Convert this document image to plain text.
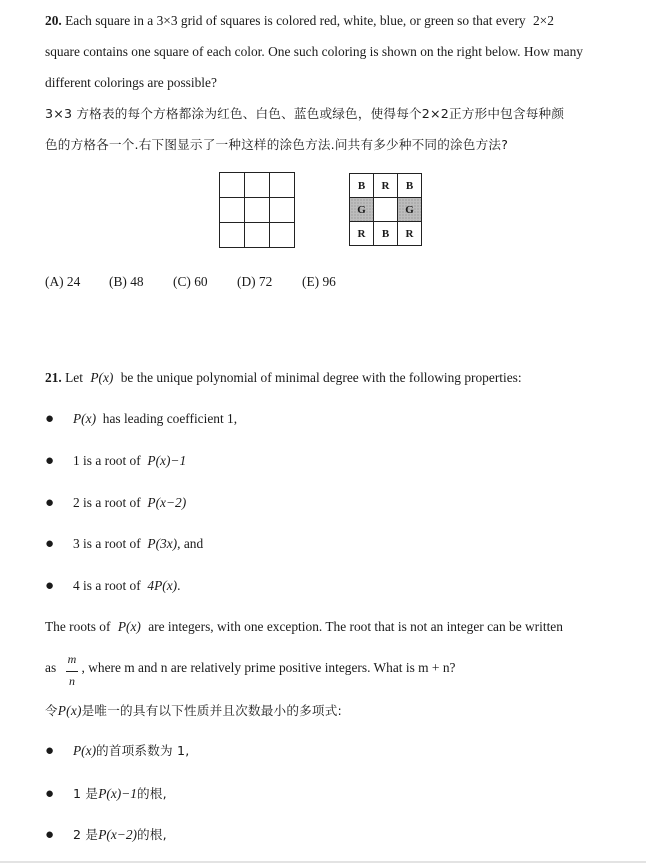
20. Each square in a 3×3 grid of squares is colored red, white, blue, or green so that every 2×2
square contains one square of each color. One such coloring is shown on the right below. How many
different colorings are possible?
3×3 方格表的每个方格都涂为红色、白色、蓝色或绿色，使得每个2×2正方形中包含每种颜
色的方格各一个.右下图显示了一种这样的涂色方法.问共有多少种不同的涂色方法?

B	R	B
G		G
R	B	R
(A) 24 (B) 48 (C) 60 (D) 72 (E) 96
21. Let P(x) be the unique polynomial of minimal degree with the following properties:
● P(x) has leading coefficient 1,
● 1 is a root of P(x)−1
● 2 is a root of P(x−2)
● 3 is a root of P(3x), and
● 4 is a root of 4P(x).
The roots of P(x) are integers, with one exception. The root that is not an integer can be written
as , where m and n are relatively prime positive integers. What is m + n?
m
n
令P(x)是唯一的具有以下性质并且次数最小的多项式:
● P(x)的首项系数为 1,
● 1 是P(x)−1的根,
● 2 是P(x−2)的根,
